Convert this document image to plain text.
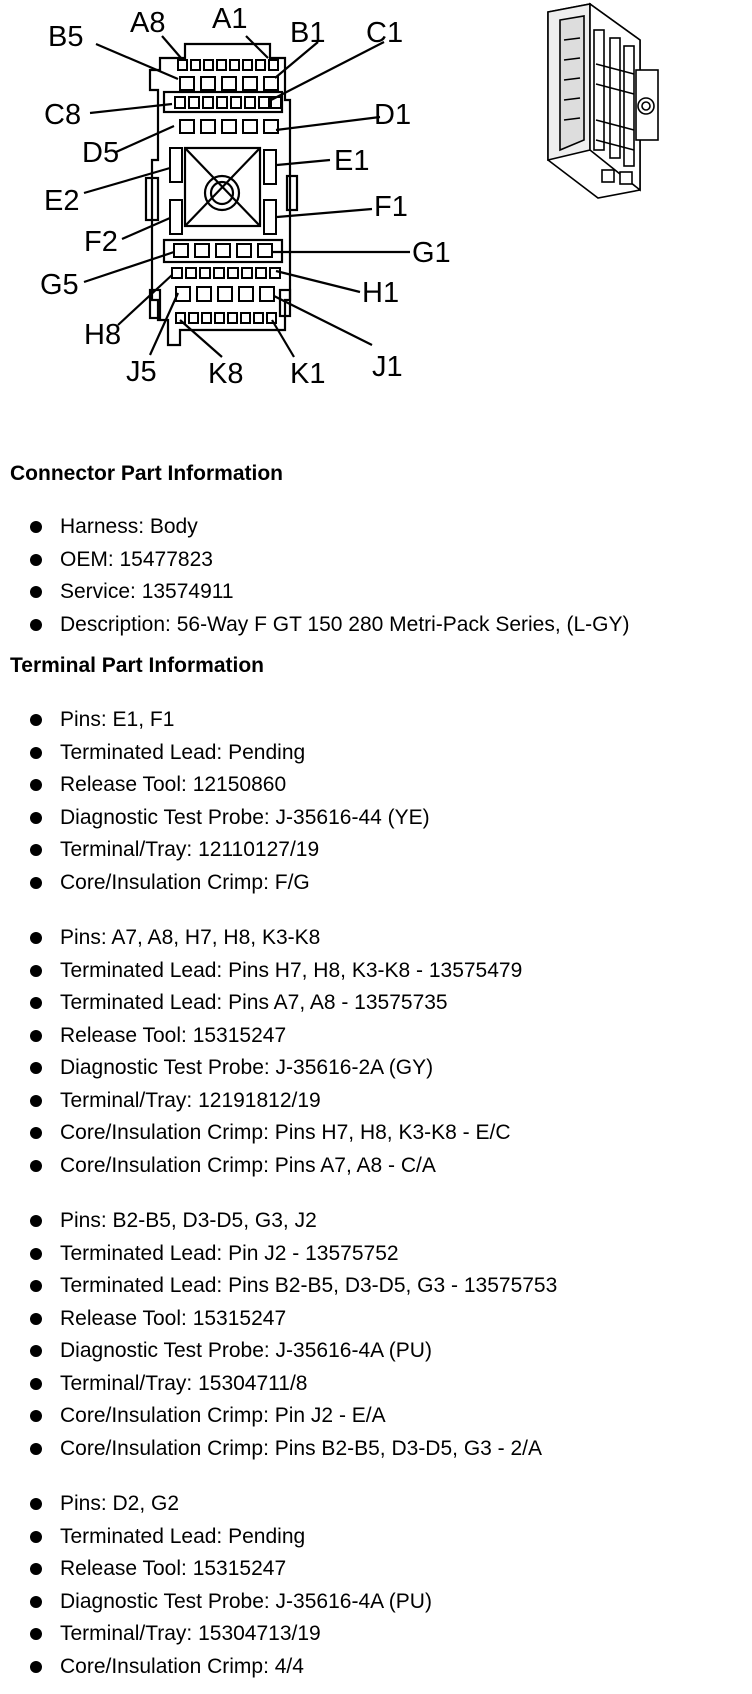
B5 A8 A1 B1 C1
C8	D1
D5	E1
E2	F1
F2	G1
G5	H1
H8
J5 K8 K1 J1
Connector Part Information
Harness: Body
OEM: 15477823
Service: 13574911
Description: 56-Way F GT 150 280 Metri-Pack Series, (L-GY)
Terminal Part Information
Pins: E1, F1
Terminated Lead: Pending
Release Tool: 12150860
Diagnostic Test Probe: J-35616-44 (YE)
Terminal/Tray: 12110127/19
Core/Insulation Crimp: F/G
Pins: A7, A8, H7, H8, K3-K8
Terminated Lead: Pins H7, H8, K3-K8 - 13575479
Terminated Lead: Pins A7, A8 - 13575735
Release Tool: 15315247
Diagnostic Test Probe: J-35616-2A (GY)
Terminal/Tray: 12191812/19
Core/Insulation Crimp: Pins H7, H8, K3-K8 - E/C
Core/Insulation Crimp: Pins A7, A8 - C/A
Pins: B2-B5, D3-D5, G3, J2
Terminated Lead: Pin J2 - 13575752
Terminated Lead: Pins B2-B5, D3-D5, G3 - 13575753
Release Tool: 15315247
Diagnostic Test Probe: J-35616-4A (PU)
Terminal/Tray: 15304711/8
Core/Insulation Crimp: Pin J2 - E/A
Core/Insulation Crimp: Pins B2-B5, D3-D5, G3 - 2/A
Pins: D2, G2
Terminated Lead: Pending
Release Tool: 15315247
Diagnostic Test Probe: J-35616-4A (PU)
Terminal/Tray: 15304713/19
Core/Insulation Crimp: 4/4
